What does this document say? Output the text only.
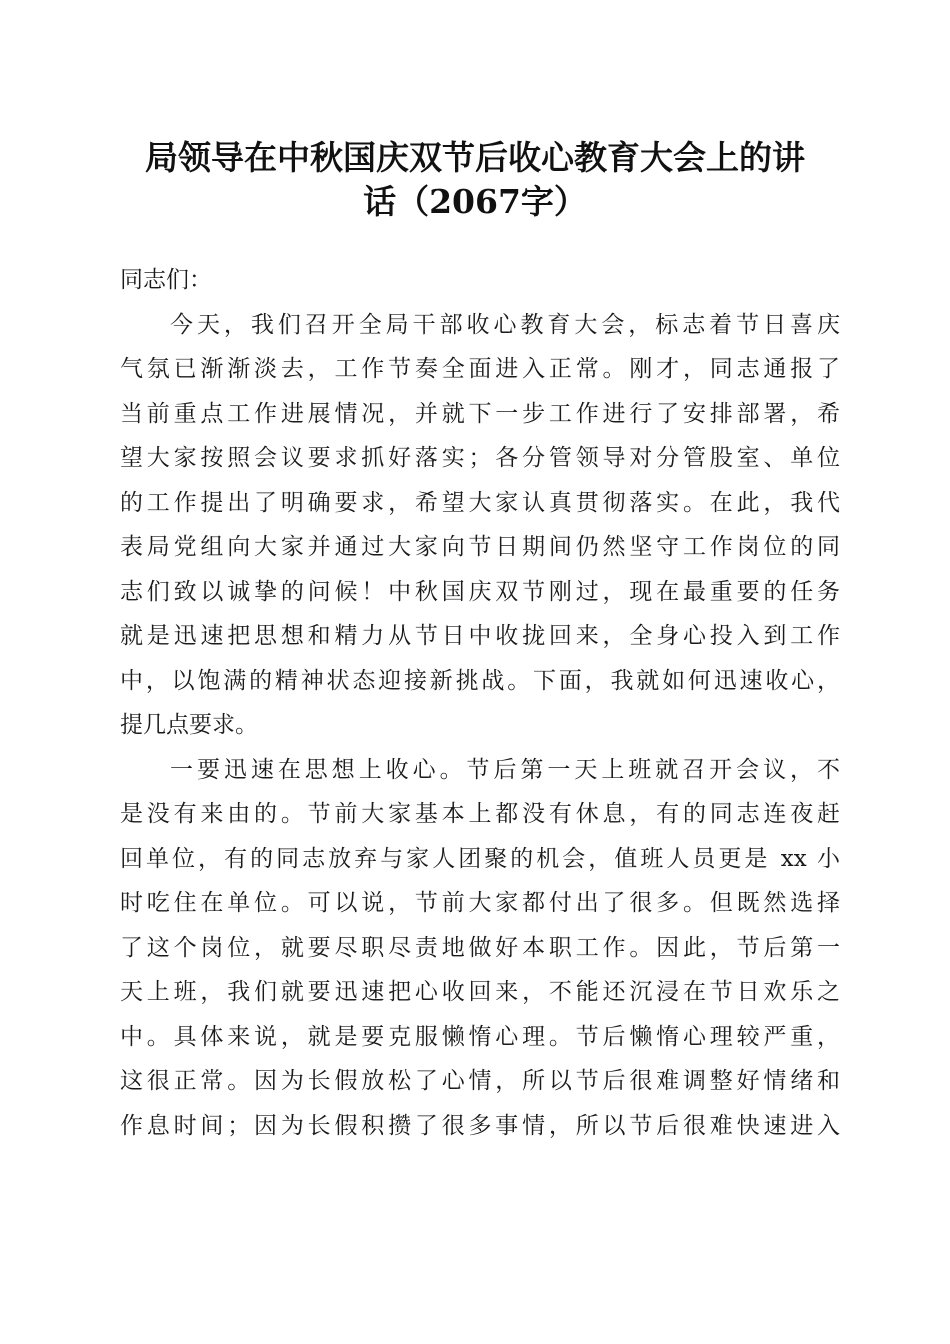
局领导在中秋国庆双节后收心教育大会上的讲
话（2067字）
同志们：
今天，我们召开全局干部收心教育大会，标志着节日喜庆
气氛已渐渐淡去，工作节奏全面进入正常。刚才，同志通报了
当前重点工作进展情况，并就下一步工作进行了安排部署，希
望大家按照会议要求抓好落实；各分管领导对分管股室、单位
的工作提出了明确要求，希望大家认真贯彻落实。在此，我代
表局党组向大家并通过大家向节日期间仍然坚守工作岗位的同
志们致以诚挚的问候！中秋国庆双节刚过，现在最重要的任务
就是迅速把思想和精力从节日中收拢回来，全身心投入到工作
中，以饱满的精神状态迎接新挑战。下面，我就如何迅速收心，
提几点要求。
一要迅速在思想上收心。节后第一天上班就召开会议，不
是没有来由的。节前大家基本上都没有休息，有的同志连夜赶
回单位，有的同志放弃与家人团聚的机会，值班人员更是 xx 小
时吃住在单位。可以说，节前大家都付出了很多。但既然选择
了这个岗位，就要尽职尽责地做好本职工作。因此，节后第一
天上班，我们就要迅速把心收回来，不能还沉浸在节日欢乐之
中。具体来说，就是要克服懒惰心理。节后懒惰心理较严重，
这很正常。因为长假放松了心情，所以节后很难调整好情绪和
作息时间；因为长假积攒了很多事情，所以节后很难快速进入
